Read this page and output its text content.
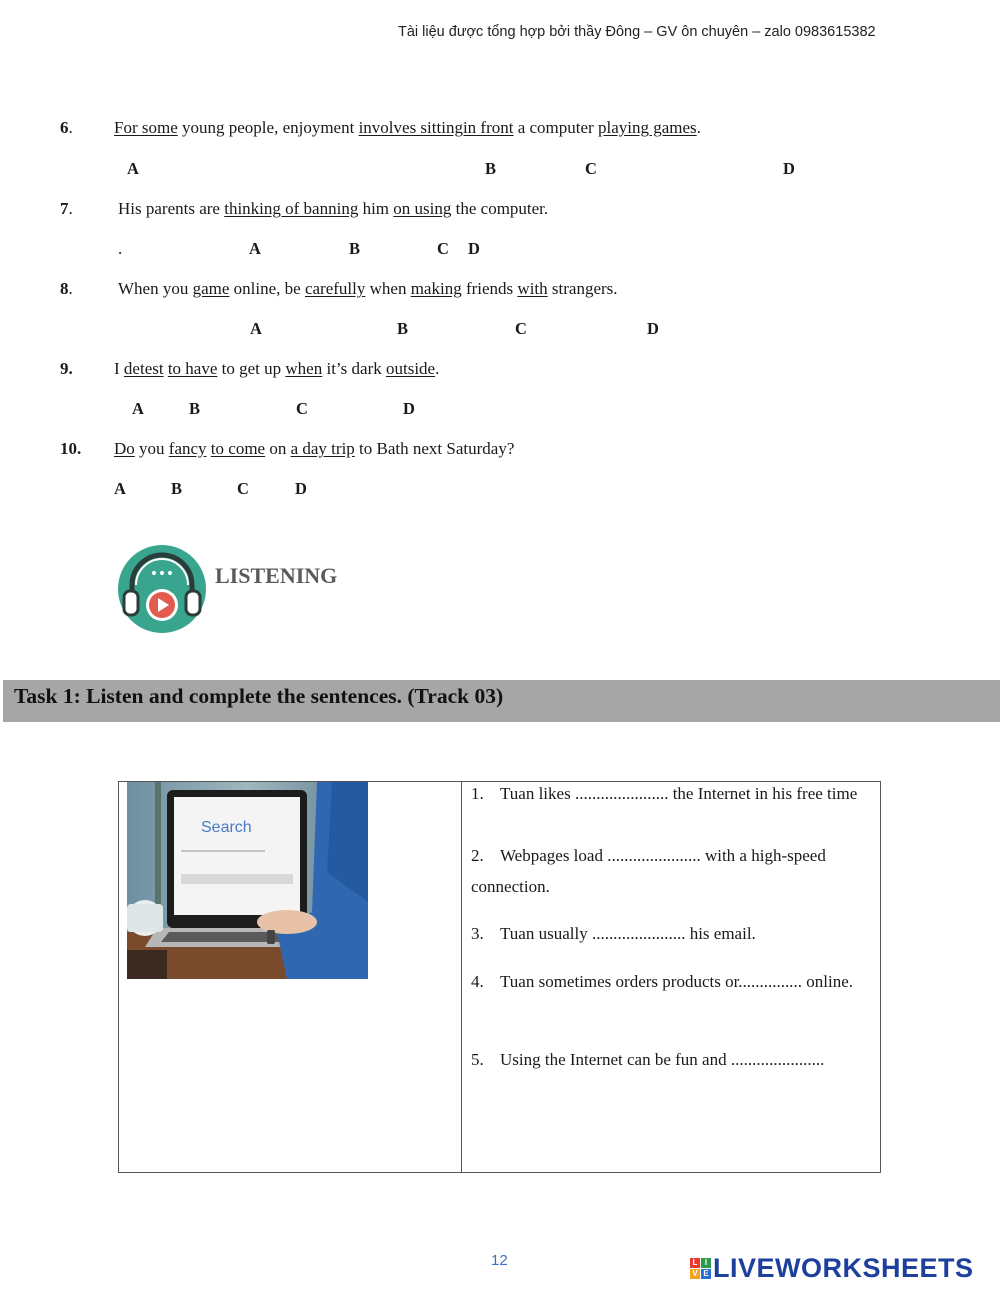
Tài liệu được tổng hợp bởi thầy Đông – GV ôn chuyên – zalo 0983615382
6. For some young people, enjoyment involves sittingin front a computer playing games.
A	B	C	D
7.	His parents are thinking of banning him on using the computer.
.	A	B	C D
8.	When you game online, be carefully when making friends with strangers.
A	B	C	D
9. I detest to have to get up when it’s dark outside.
A	B	C	D
10. Do you fancy to come on a day trip to Bath next Saturday?
A	B	C	D
LISTENING
Task 1: Listen and complete the sentences. (Track 03)
Search
1. Tuan likes ...................... the Internet in his free time
2. Webpages load ...................... with a high-speed connection.
3. Tuan usually ...................... his email.
4. Tuan sometimes orders products or............... online.
5. Using the Internet can be fun and ......................
12	L I
V E LIVEWORKSHEETS
